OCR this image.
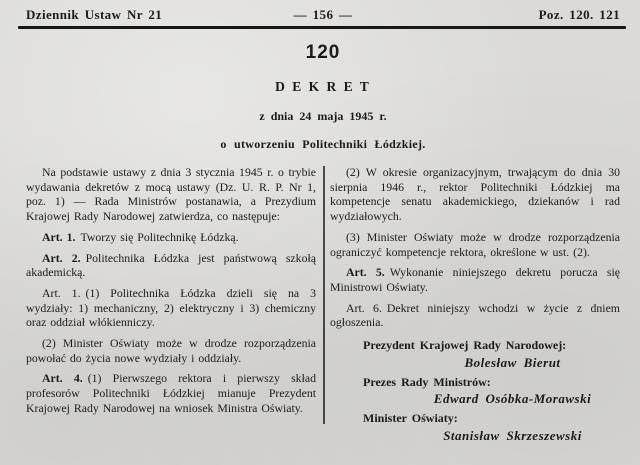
Dziennik Ustaw Nr 21	— 156 —	Poz. 120. 121
120
D E K R E T
z dnia 24 maja 1945 r.
o utworzeniu Politechniki Łódzkiej.

Na podstawie ustawy z dnia 3 stycznia 1945 r. o trybie wydawania dekretów z mocą ustawy (Dz. U. R. P. Nr 1, poz. 1) — Rada Ministrów postanawia, a Prezydium Krajowej Rady Narodowej zatwierdza, co następuje:

Art. 1. Tworzy się Politechnikę Łódzką.

Art. 2. Politechnika Łódzka jest państwową szkołą akademicką.

Art. 1. (1) Politechnika Łódzka dzieli się na 3 wydziały: 1) mechaniczny, 2) elektryczny i 3) chemiczny oraz oddział włókienniczy.

(2) Minister Oświaty może w drodze rozporządzenia powołać do życia nowe wydziały i oddziały.

Art. 4. (1) Pierwszego rektora i pierwszy skład profesorów Politechniki Łódzkiej mianuje Prezydent Krajowej Rady Narodowej na wniosek Ministra Oświaty.

(2) W okresie organizacyjnym, trwającym do dnia 30 sierpnia 1946 r., rektor Politechniki Łódzkiej ma kompetencje senatu akademickiego, dziekanów i rad wydziałowych.

(3) Minister Oświaty może w drodze rozporządzenia ograniczyć kompetencje rektora, określone w ust. (2).

Art. 5. Wykonanie niniejszego dekretu porucza się Ministrowi Oświaty.

Art. 6. Dekret niniejszy wchodzi w życie z dniem ogłoszenia.

Prezydent Krajowej Rady Narodowej:
Bolesław Bierut
Prezes Rady Ministrów:
Edward Osóbka-Morawski
Minister Oświaty:
Stanisław Skrzeszewski
